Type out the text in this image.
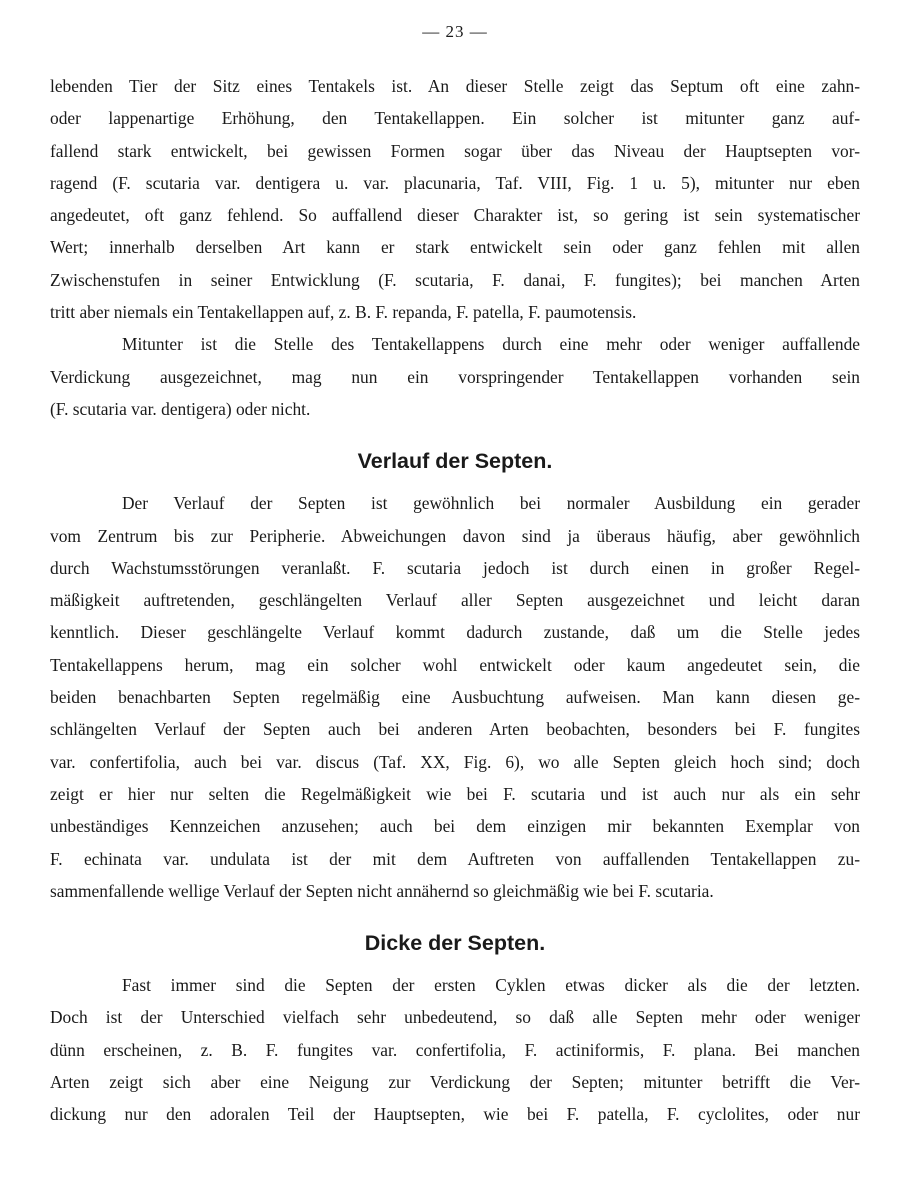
— 23 —
lebenden Tier der Sitz eines Tentakels ist. An dieser Stelle zeigt das Septum oft eine zahn-
oder lappenartige Erhöhung, den Tentakellappen. Ein solcher ist mitunter ganz auf-
fallend stark entwickelt, bei gewissen Formen sogar über das Niveau der Hauptsepten vor-
ragend (F. scutaria var. dentigera u. var. placunaria, Taf. VIII, Fig. 1 u. 5), mitunter nur eben
angedeutet, oft ganz fehlend. So auffallend dieser Charakter ist, so gering ist sein systematischer
Wert; innerhalb derselben Art kann er stark entwickelt sein oder ganz fehlen mit allen
Zwischenstufen in seiner Entwicklung (F. scutaria, F. danai, F. fungites); bei manchen Arten
tritt aber niemals ein Tentakellappen auf, z. B. F. repanda, F. patella, F. paumotensis.
Mitunter ist die Stelle des Tentakellappens durch eine mehr oder weniger auffallende
Verdickung ausgezeichnet, mag nun ein vorspringender Tentakellappen vorhanden sein
(F. scutaria var. dentigera) oder nicht.
Verlauf der Septen.
Der Verlauf der Septen ist gewöhnlich bei normaler Ausbildung ein gerader
vom Zentrum bis zur Peripherie. Abweichungen davon sind ja überaus häufig, aber gewöhnlich
durch Wachstumsstörungen veranlaßt. F. scutaria jedoch ist durch einen in großer Regel-
mäßigkeit auftretenden, geschlängelten Verlauf aller Septen ausgezeichnet und leicht daran
kenntlich. Dieser geschlängelte Verlauf kommt dadurch zustande, daß um die Stelle jedes
Tentakellappens herum, mag ein solcher wohl entwickelt oder kaum angedeutet sein, die
beiden benachbarten Septen regelmäßig eine Ausbuchtung aufweisen. Man kann diesen ge-
schlängelten Verlauf der Septen auch bei anderen Arten beobachten, besonders bei F. fungites
var. confertifolia, auch bei var. discus (Taf. XX, Fig. 6), wo alle Septen gleich hoch sind; doch
zeigt er hier nur selten die Regelmäßigkeit wie bei F. scutaria und ist auch nur als ein sehr
unbeständiges Kennzeichen anzusehen; auch bei dem einzigen mir bekannten Exemplar von
F. echinata var. undulata ist der mit dem Auftreten von auffallenden Tentakellappen zu-
sammenfallende wellige Verlauf der Septen nicht annähernd so gleichmäßig wie bei F. scutaria.
Dicke der Septen.
Fast immer sind die Septen der ersten Cyklen etwas dicker als die der letzten.
Doch ist der Unterschied vielfach sehr unbedeutend, so daß alle Septen mehr oder weniger
dünn erscheinen, z. B. F. fungites var. confertifolia, F. actiniformis, F. plana. Bei manchen
Arten zeigt sich aber eine Neigung zur Verdickung der Septen; mitunter betrifft die Ver-
dickung nur den adoralen Teil der Hauptsepten, wie bei F. patella, F. cyclolites, oder nur
